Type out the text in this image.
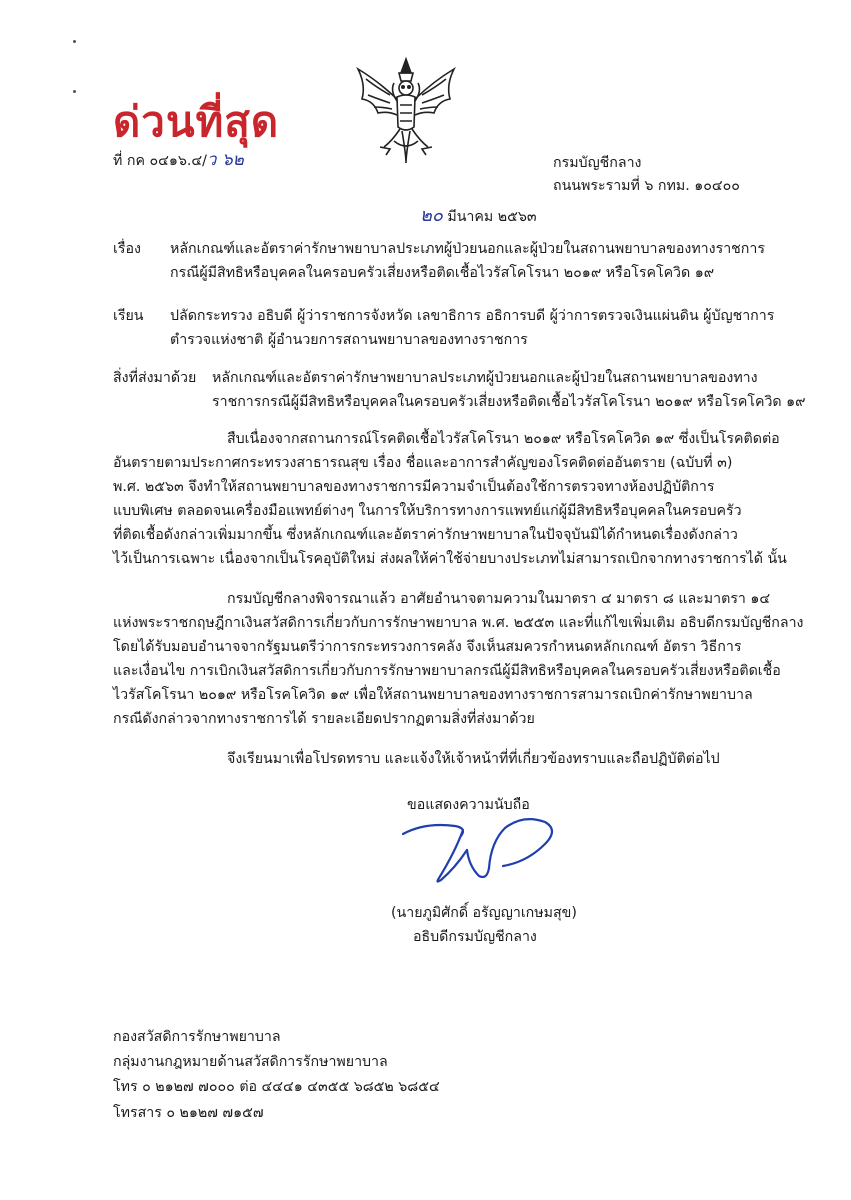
ด่วนที่สุด
ที่ กค ๐๔๑๖.๔/ว ๖๒	กรมบัญชีกลาง
ถนนพระรามที่ ๖ กทม. ๑๐๔๐๐
๒๐ มีนาคม ๒๕๖๓
เรื่อง	หลักเกณฑ์และอัตราค่ารักษาพยาบาลประเภทผู้ป่วยนอกและผู้ป่วยในสถานพยาบาลของทางราชการ
กรณีผู้มีสิทธิหรือบุคคลในครอบครัวเสี่ยงหรือติดเชื้อไวรัสโคโรนา ๒๐๑๙ หรือโรคโควิด ๑๙
เรียน	ปลัดกระทรวง อธิบดี ผู้ว่าราชการจังหวัด เลขาธิการ อธิการบดี ผู้ว่าการตรวจเงินแผ่นดิน ผู้บัญชาการ
ตำรวจแห่งชาติ ผู้อำนวยการสถานพยาบาลของทางราชการ
สิ่งที่ส่งมาด้วย หลักเกณฑ์และอัตราค่ารักษาพยาบาลประเภทผู้ป่วยนอกและผู้ป่วยในสถานพยาบาลของทาง
ราชการกรณีผู้มีสิทธิหรือบุคคลในครอบครัวเสี่ยงหรือติดเชื้อไวรัสโคโรนา ๒๐๑๙ หรือโรคโควิด ๑๙
สืบเนื่องจากสถานการณ์โรคติดเชื้อไวรัสโคโรนา ๒๐๑๙ หรือโรคโควิด ๑๙ ซึ่งเป็นโรคติดต่อ
อันตรายตามประกาศกระทรวงสาธารณสุข เรื่อง ชื่อและอาการสำคัญของโรคติดต่ออันตราย (ฉบับที่ ๓)
พ.ศ. ๒๕๖๓ จึงทำให้สถานพยาบาลของทางราชการมีความจำเป็นต้องใช้การตรวจทางห้องปฏิบัติการ
แบบพิเศษ ตลอดจนเครื่องมือแพทย์ต่างๆ ในการให้บริการทางการแพทย์แก่ผู้มีสิทธิหรือบุคคลในครอบครัว
ที่ติดเชื้อดังกล่าวเพิ่มมากขึ้น ซึ่งหลักเกณฑ์และอัตราค่ารักษาพยาบาลในปัจจุบันมิได้กำหนดเรื่องดังกล่าว
ไว้เป็นการเฉพาะ เนื่องจากเป็นโรคอุบัติใหม่ ส่งผลให้ค่าใช้จ่ายบางประเภทไม่สามารถเบิกจากทางราชการได้ นั้น
กรมบัญชีกลางพิจารณาแล้ว อาศัยอำนาจตามความในมาตรา ๔ มาตรา ๘ และมาตรา ๑๔
แห่งพระราชกฤษฎีกาเงินสวัสดิการเกี่ยวกับการรักษาพยาบาล พ.ศ. ๒๕๕๓ และที่แก้ไขเพิ่มเติม อธิบดีกรมบัญชีกลาง
โดยได้รับมอบอำนาจจากรัฐมนตรีว่าการกระทรวงการคลัง จึงเห็นสมควรกำหนดหลักเกณฑ์ อัตรา วิธีการ
และเงื่อนไข การเบิกเงินสวัสดิการเกี่ยวกับการรักษาพยาบาลกรณีผู้มีสิทธิหรือบุคคลในครอบครัวเสี่ยงหรือติดเชื้อ
ไวรัสโคโรนา ๒๐๑๙ หรือโรคโควิด ๑๙ เพื่อให้สถานพยาบาลของทางราชการสามารถเบิกค่ารักษาพยาบาล
กรณีดังกล่าวจากทางราชการได้ รายละเอียดปรากฏตามสิ่งที่ส่งมาด้วย
จึงเรียนมาเพื่อโปรดทราบ และแจ้งให้เจ้าหน้าที่ที่เกี่ยวข้องทราบและถือปฏิบัติต่อไป
ขอแสดงความนับถือ
(นายภูมิศักดิ์ อรัญญาเกษมสุข)
อธิบดีกรมบัญชีกลาง
กองสวัสดิการรักษาพยาบาล
กลุ่มงานกฎหมายด้านสวัสดิการรักษาพยาบาล
โทร ๐ ๒๑๒๗ ๗๐๐๐ ต่อ ๔๔๔๑ ๔๓๕๕ ๖๘๕๒ ๖๘๕๔
โทรสาร ๐ ๒๑๒๗ ๗๑๕๗
